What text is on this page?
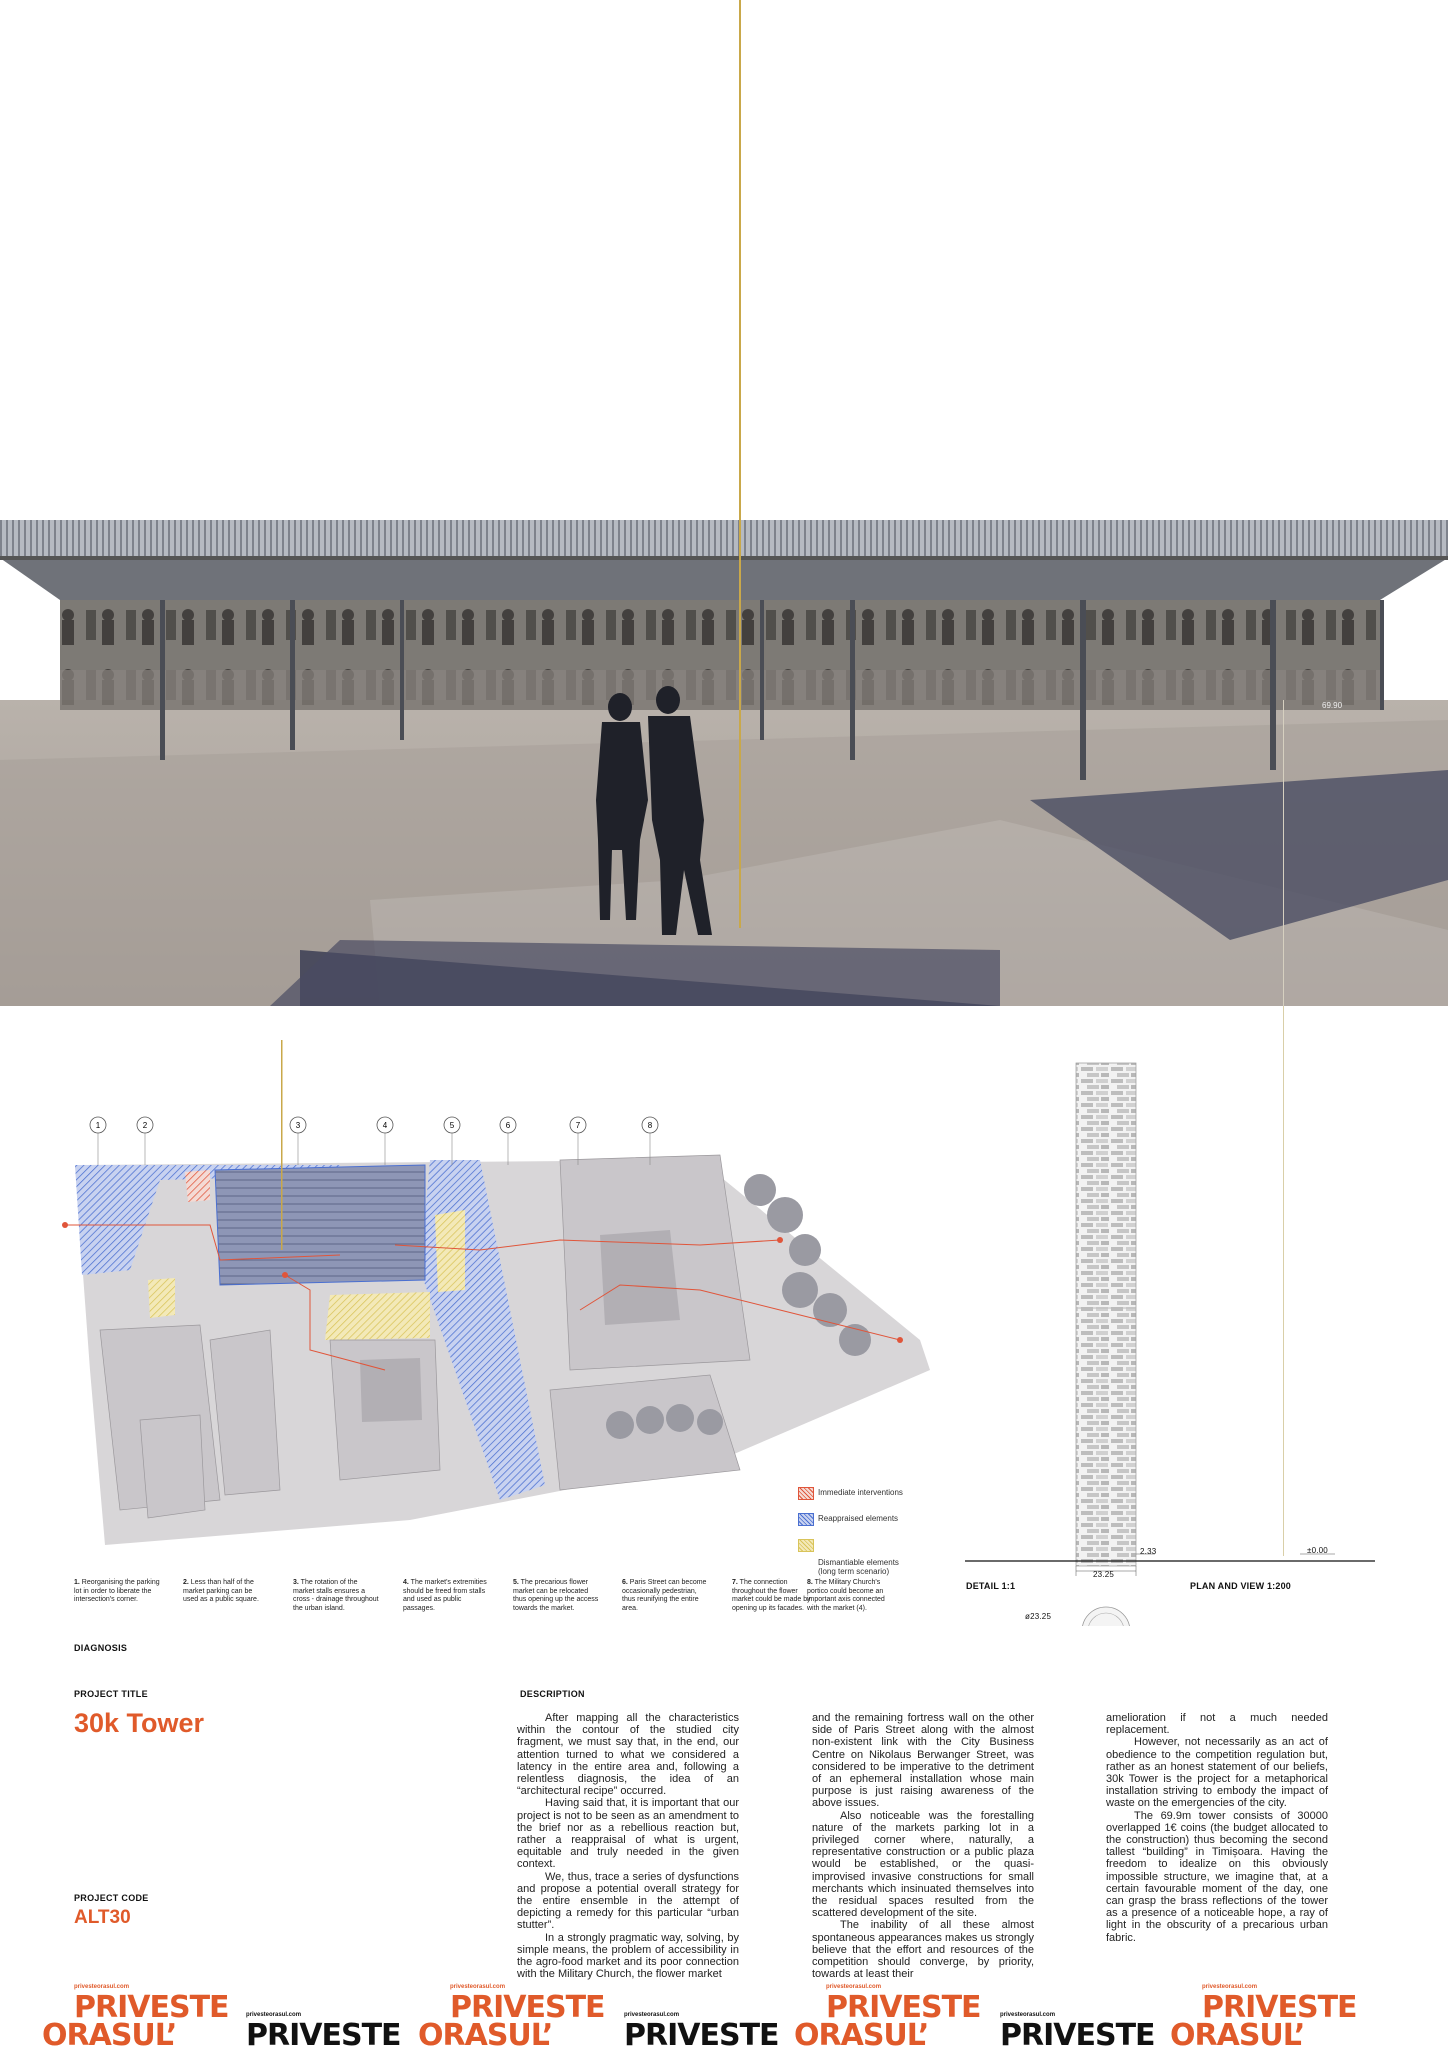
69.90
1	2	3	4	5	6	7	8
Immediate interventions
Reappraised elements

Dismantiable elements
(long term scenario)

1. Reorganising the parking lot in order to liberate the intersection's corner.
2. Less than half of the market parking can be used as a public square.
3. The rotation of the market stalls ensures a cross - drainage throughout the urban island.
4. The market's extremities should be freed from stalls and used as public passages.
5. The precarious flower market can be relocated thus opening up the access towards the market.
6. Paris Street can become occasionally pedestrian, thus reunifying the entire area.
7. The connection throughout the flower market could be made by opening up its facades.
8. The Military Church's portico could become an important axis connected with the market (4).
DIAGNOSIS
2.33	±0.00
23.25
DETAIL 1:1	PLAN AND VIEW 1:200
ø23.25
PROJECT TITLE
30k Tower
PROJECT CODE
ALT30
DESCRIPTION

After mapping all the characteristics within the contour of the studied city fragment, we must say that, in the end, our attention turned to what we considered a latency in the entire area and, following a relentless diagnosis, the idea of an “architectural recipe” occurred.

Having said that, it is important that our project is not to be seen as an amendment to the brief nor as a rebellious reaction but, rather a reappraisal of what is urgent, equitable and truly needed in the given context.

We, thus, trace a series of dysfunctions and propose a potential overall strategy for the entire ensemble in the attempt of depicting a remedy for this particular “urban stutter”.

In a strongly pragmatic way, solving, by simple means, the problem of accessibility in the agro-food market and its poor connection with the Military Church, the flower market

and the remaining fortress wall on the other side of Paris Street along with the almost non-existent link with the City Business Centre on Nikolaus Berwanger Street, was considered to be imperative to the detriment of an ephemeral installation whose main purpose is just raising awareness of the above issues.

Also noticeable was the forestalling nature of the markets parking lot in a privileged corner where, naturally, a representative construction or a public plaza would be established, or the quasi-improvised invasive constructions for small merchants which insinuated themselves into the residual spaces resulted from the scattered development of the site.

The inability of all these almost spontaneous appearances makes us strongly believe that the effort and resources of the competition should converge, by priority, towards at least their

amelioration if not a much needed replacement.

However, not necessarily as an act of obedience to the competition regulation but, rather as an honest statement of our beliefs, 30k Tower is the project for a metaphorical installation striving to embody the impact of waste on the emergencies of the city.

The 69.9m tower consists of 30000 overlapped 1€ coins (the budget allocated to the construction) thus becoming the second tallest “building” in Timișoara. Having the freedom to idealize on this obviously impossible structure, we imagine that, at a certain favourable moment of the day, one can grasp the brass reflections of the tower as a presence of a noticeable hope, a ray of light in the obscurity of a precarious urban fabric.

privesteorasul.com
PRIVESTE
ORASUL’
privesteorasul.com
PRIVESTE
privesteorasul.com
PRIVESTE
ORASUL’
privesteorasul.com
PRIVESTE
privesteorasul.com
PRIVESTE
ORASUL’
privesteorasul.com
PRIVESTE
privesteorasul.com
PRIVESTE
ORASUL’
